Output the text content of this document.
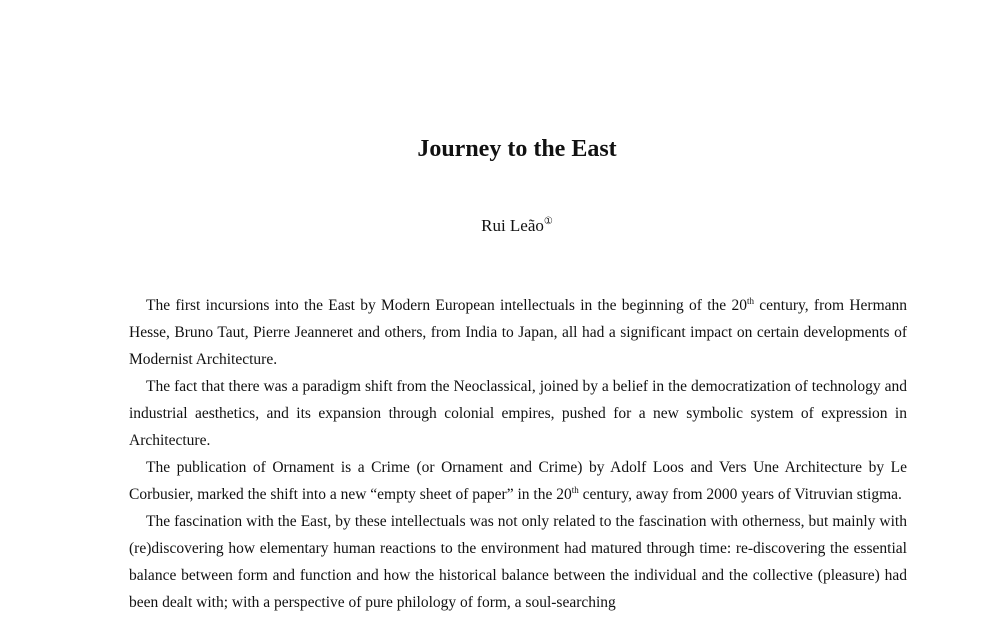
Journey to the East
Rui Leão①

The first incursions into the East by Modern European intellectuals in the beginning of the 20th century, from Hermann Hesse, Bruno Taut, Pierre Jeanneret and others, from India to Japan, all had a significant impact on certain developments of Modernist Architecture.

The fact that there was a paradigm shift from the Neoclassical, joined by a belief in the democratization of technology and industrial aesthetics, and its expansion through colonial empires, pushed for a new symbolic system of expression in Architecture.

The publication of Ornament is a Crime (or Ornament and Crime) by Adolf Loos and Vers Une Architecture by Le Corbusier, marked the shift into a new “empty sheet of paper” in the 20th century, away from 2000 years of Vitruvian stigma.

The fascination with the East, by these intellectuals was not only related to the fascination with otherness, but mainly with (re)discovering how elementary human reactions to the environment had matured through time: re-discovering the essential balance between form and function and how the historical balance between the individual and the collective (pleasure) had been dealt with; with a perspective of pure philology of form, a soul-searching
